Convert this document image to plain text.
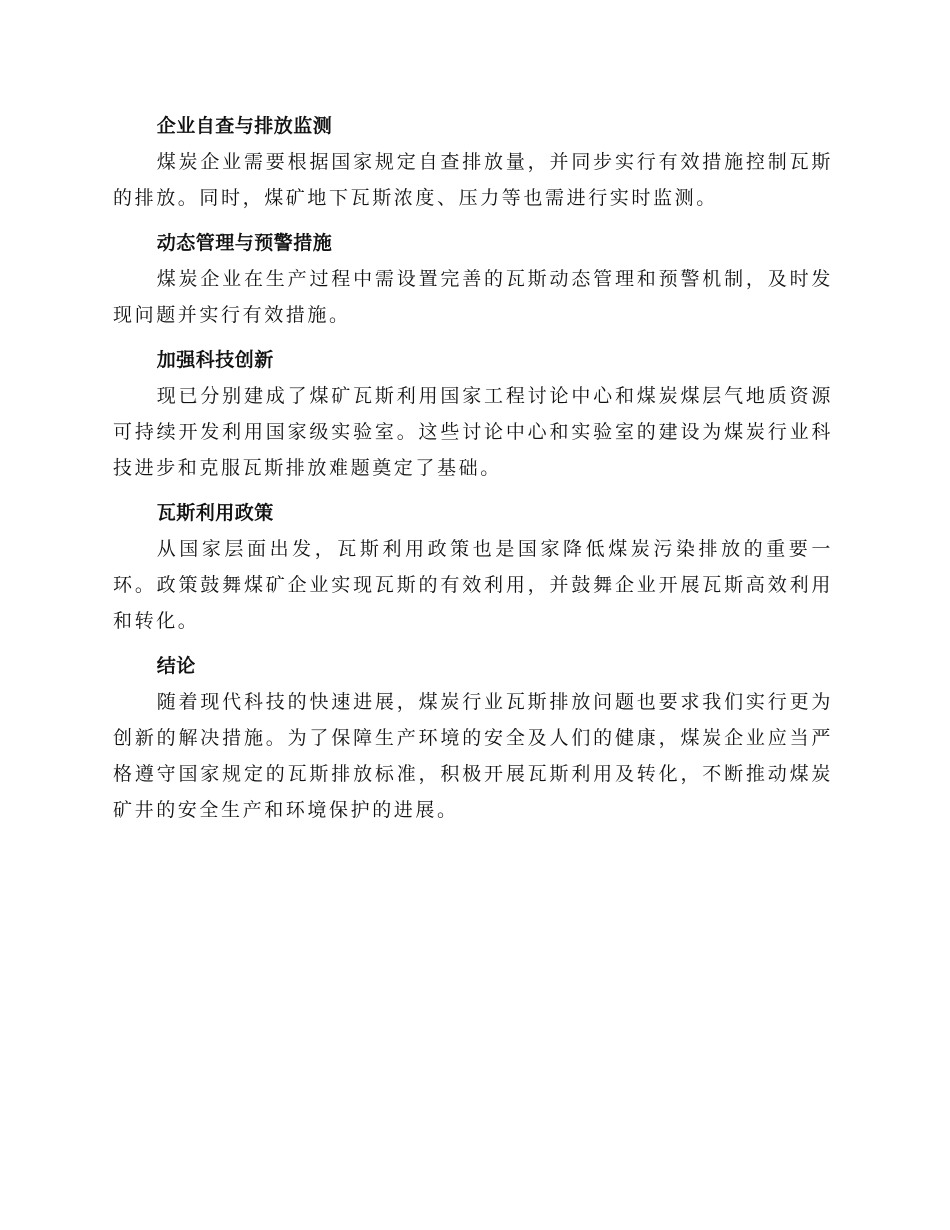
企业自查与排放监测

煤炭企业需要根据国家规定自查排放量，并同步实行有效措施控制瓦斯的排放。同时，煤矿地下瓦斯浓度、压力等也需进行实时监测。

动态管理与预警措施

煤炭企业在生产过程中需设置完善的瓦斯动态管理和预警机制，及时发现问题并实行有效措施。

加强科技创新

现已分别建成了煤矿瓦斯利用国家工程讨论中心和煤炭煤层气地质资源可持续开发利用国家级实验室。这些讨论中心和实验室的建设为煤炭行业科技进步和克服瓦斯排放难题奠定了基础。

瓦斯利用政策

从国家层面出发，瓦斯利用政策也是国家降低煤炭污染排放的重要一环。政策鼓舞煤矿企业实现瓦斯的有效利用，并鼓舞企业开展瓦斯高效利用和转化。

结论

随着现代科技的快速进展，煤炭行业瓦斯排放问题也要求我们实行更为创新的解决措施。为了保障生产环境的安全及人们的健康，煤炭企业应当严格遵守国家规定的瓦斯排放标准，积极开展瓦斯利用及转化，不断推动煤炭矿井的安全生产和环境保护的进展。
